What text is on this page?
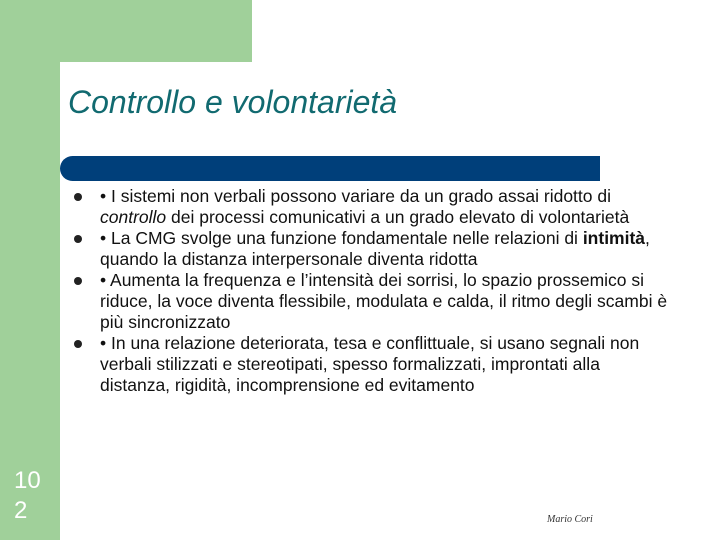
Controllo e volontarietà
• I sistemi non verbali possono variare da un grado assai ridotto di controllo dei processi comunicativi a un grado elevato di volontarietà
• La CMG svolge una funzione fondamentale nelle relazioni di intimità, quando la distanza interpersonale diventa ridotta
• Aumenta la frequenza e l’intensità dei sorrisi, lo spazio prossemico si riduce, la voce diventa flessibile, modulata e calda, il ritmo degli scambi è più sincronizzato
• In una relazione deteriorata, tesa e conflittuale, si usano segnali non verbali stilizzati e stereotipati, spesso formalizzati, improntati alla distanza, rigidità, incomprensione ed evitamento
10
2	Mario Cori
